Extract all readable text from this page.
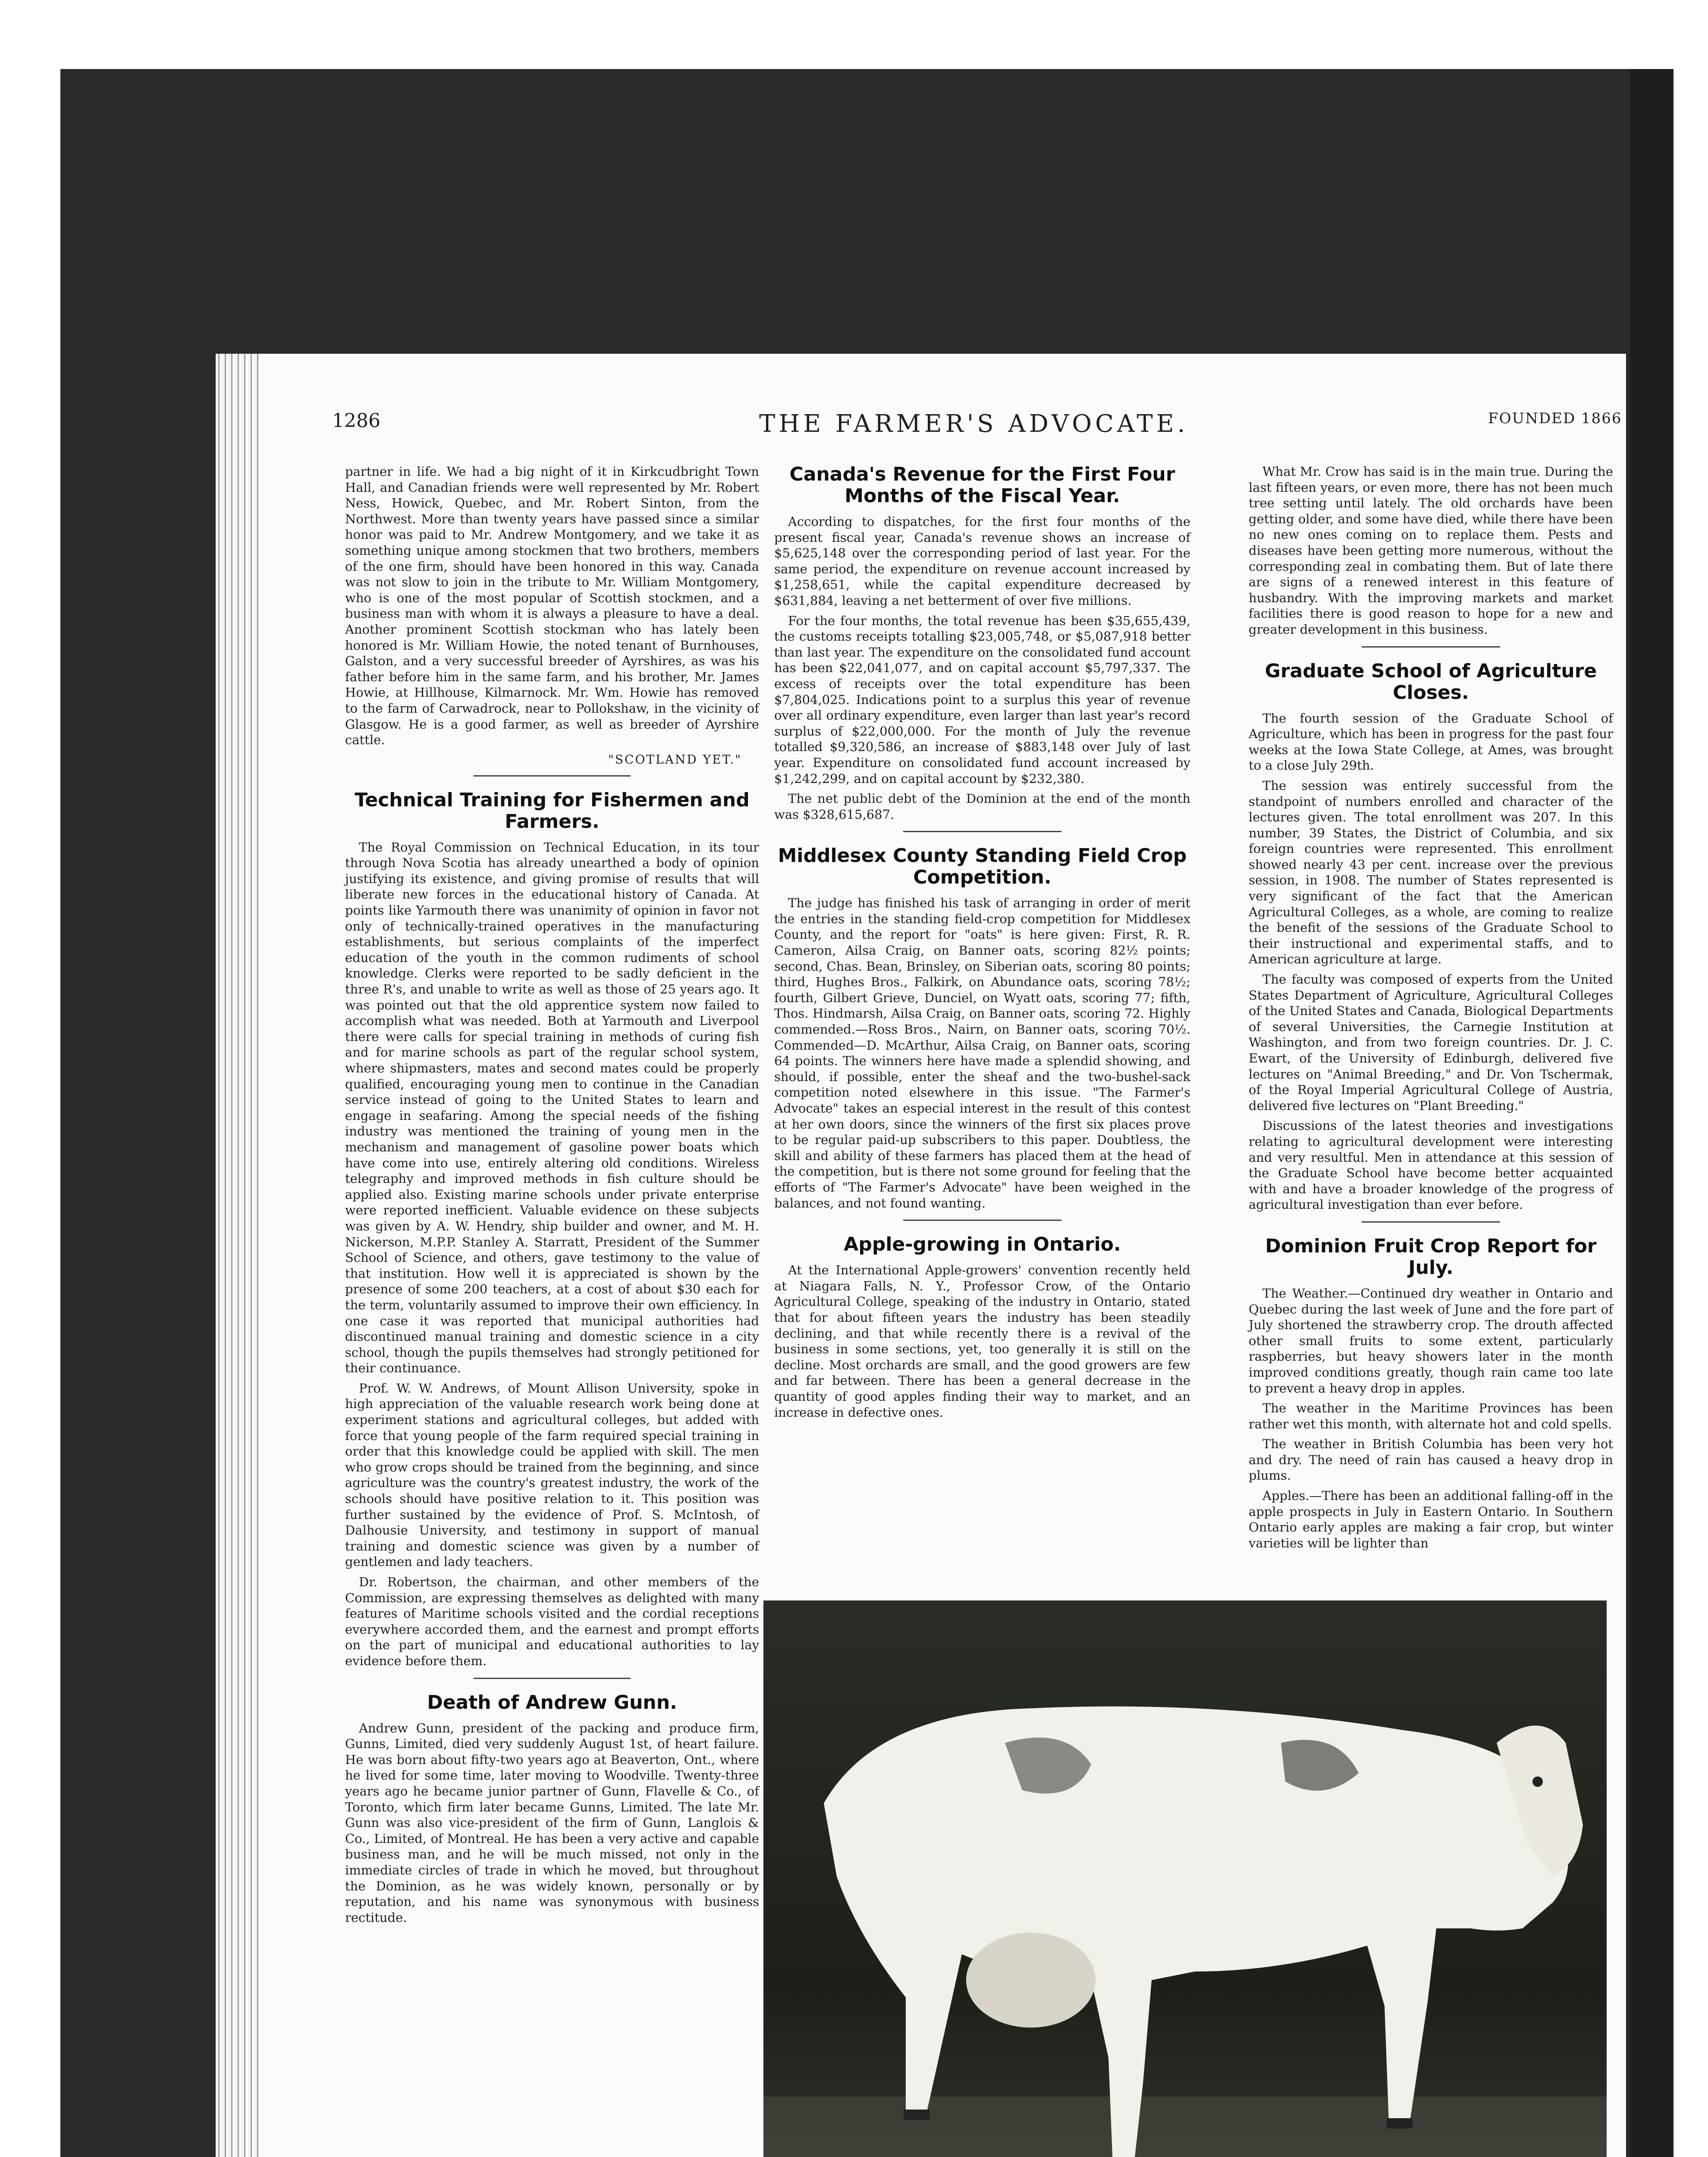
1286	THE FARMER'S ADVOCATE.	FOUNDED 1866

partner in life. We had a big night of it in Kirkcudbright Town Hall, and Canadian friends were well represented by Mr. Robert Ness, Howick, Quebec, and Mr. Robert Sinton, from the Northwest. More than twenty years have passed since a similar honor was paid to Mr. Andrew Montgomery, and we take it as something unique among stockmen that two brothers, members of the one firm, should have been honored in this way. Canada was not slow to join in the tribute to Mr. William Montgomery, who is one of the most popular of Scottish stockmen, and a business man with whom it is always a pleasure to have a deal. Another prominent Scottish stockman who has lately been honored is Mr. William Howie, the noted tenant of Burnhouses, Galston, and a very successful breeder of Ayrshires, as was his father before him in the same farm, and his brother, Mr. James Howie, at Hillhouse, Kilmarnock. Mr. Wm. Howie has removed to the farm of Carwadrock, near to Pollokshaw, in the vicinity of Glasgow. He is a good farmer, as well as breeder of Ayrshire cattle.

"SCOTLAND YET."
Technical Training for Fishermen and Farmers.

The Royal Commission on Technical Education, in its tour through Nova Scotia has already unearthed a body of opinion justifying its existence, and giving promise of results that will liberate new forces in the educational history of Canada. At points like Yarmouth there was unanimity of opinion in favor not only of technically-trained operatives in the manufacturing establishments, but serious complaints of the imperfect education of the youth in the common rudiments of school knowledge. Clerks were reported to be sadly deficient in the three R's, and unable to write as well as those of 25 years ago. It was pointed out that the old apprentice system now failed to accomplish what was needed. Both at Yarmouth and Liverpool there were calls for special training in methods of curing fish and for marine schools as part of the regular school system, where shipmasters, mates and second mates could be properly qualified, encouraging young men to continue in the Canadian service instead of going to the United States to learn and engage in seafaring. Among the special needs of the fishing industry was mentioned the training of young men in the mechanism and management of gasoline power boats which have come into use, entirely altering old conditions. Wireless telegraphy and improved methods in fish culture should be applied also. Existing marine schools under private enterprise were reported inefficient. Valuable evidence on these subjects was given by A. W. Hendry, ship builder and owner, and M. H. Nickerson, M.P.P. Stanley A. Starratt, President of the Summer School of Science, and others, gave testimony to the value of that institution. How well it is appreciated is shown by the presence of some 200 teachers, at a cost of about $30 each for the term, voluntarily assumed to improve their own efficiency. In one case it was reported that municipal authorities had discontinued manual training and domestic science in a city school, though the pupils themselves had strongly petitioned for their continuance.

Prof. W. W. Andrews, of Mount Allison University, spoke in high appreciation of the valuable research work being done at experiment stations and agricultural colleges, but added with force that young people of the farm required special training in order that this knowledge could be applied with skill. The men who grow crops should be trained from the beginning, and since agriculture was the country's greatest industry, the work of the schools should have positive relation to it. This position was further sustained by the evidence of Prof. S. McIntosh, of Dalhousie University, and testimony in support of manual training and domestic science was given by a number of gentlemen and lady teachers.

Dr. Robertson, the chairman, and other members of the Commission, are expressing themselves as delighted with many features of Maritime schools visited and the cordial receptions everywhere accorded them, and the earnest and prompt efforts on the part of municipal and educational authorities to lay evidence before them.

Death of Andrew Gunn.

Andrew Gunn, president of the packing and produce firm, Gunns, Limited, died very suddenly August 1st, of heart failure. He was born about fifty-two years ago at Beaverton, Ont., where he lived for some time, later moving to Woodville. Twenty-three years ago he became junior partner of Gunn, Flavelle & Co., of Toronto, which firm later became Gunns, Limited. The late Mr. Gunn was also vice-president of the firm of Gunn, Langlois & Co., Limited, of Montreal. He has been a very active and capable business man, and he will be much missed, not only in the immediate circles of trade in which he moved, but throughout the Dominion, as he was widely known, personally or by reputation, and his name was synonymous with business rectitude.

Canada's Revenue for the First Four Months of the Fiscal Year.

According to dispatches, for the first four months of the present fiscal year, Canada's revenue shows an increase of $5,625,148 over the corresponding period of last year. For the same period, the expenditure on revenue account increased by $1,258,651, while the capital expenditure decreased by $631,884, leaving a net betterment of over five millions.

For the four months, the total revenue has been $35,655,439, the customs receipts totalling $23,005,748, or $5,087,918 better than last year. The expenditure on the consolidated fund account has been $22,041,077, and on capital account $5,797,337. The excess of receipts over the total expenditure has been $7,804,025. Indications point to a surplus this year of revenue over all ordinary expenditure, even larger than last year's record surplus of $22,000,000. For the month of July the revenue totalled $9,320,586, an increase of $883,148 over July of last year. Expenditure on consolidated fund account increased by $1,242,299, and on capital account by $232,380.

The net public debt of the Dominion at the end of the month was $328,615,687.

Middlesex County Standing Field Crop Competition.

The judge has finished his task of arranging in order of merit the entries in the standing field-crop competition for Middlesex County, and the report for "oats" is here given: First, R. R. Cameron, Ailsa Craig, on Banner oats, scoring 82½ points; second, Chas. Bean, Brinsley, on Siberian oats, scoring 80 points; third, Hughes Bros., Falkirk, on Abundance oats, scoring 78½; fourth, Gilbert Grieve, Dunciel, on Wyatt oats, scoring 77; fifth, Thos. Hindmarsh, Ailsa Craig, on Banner oats, scoring 72. Highly commended.—Ross Bros., Nairn, on Banner oats, scoring 70½. Commended—D. McArthur, Ailsa Craig, on Banner oats, scoring 64 points. The winners here have made a splendid showing, and should, if possible, enter the sheaf and the two-bushel-sack competition noted elsewhere in this issue. "The Farmer's Advocate" takes an especial interest in the result of this contest at her own doors, since the winners of the first six places prove to be regular paid-up subscribers to this paper. Doubtless, the skill and ability of these farmers has placed them at the head of the competition, but is there not some ground for feeling that the efforts of "The Farmer's Advocate" have been weighed in the balances, and not found wanting.

Apple-growing in Ontario.

At the International Apple-growers' convention recently held at Niagara Falls, N. Y., Professor Crow, of the Ontario Agricultural College, speaking of the industry in Ontario, stated that for about fifteen years the industry has been steadily declining, and that while recently there is a revival of the business in some sections, yet, too generally it is still on the decline. Most orchards are small, and the good growers are few and far between. There has been a general decrease in the quantity of good apples finding their way to market, and an increase in defective ones.

What Mr. Crow has said is in the main true. During the last fifteen years, or even more, there has not been much tree setting until lately. The old orchards have been getting older, and some have died, while there have been no new ones coming on to replace them. Pests and diseases have been getting more numerous, without the corresponding zeal in combating them. But of late there are signs of a renewed interest in this feature of husbandry. With the improving markets and market facilities there is good reason to hope for a new and greater development in this business.

Graduate School of Agriculture Closes.

The fourth session of the Graduate School of Agriculture, which has been in progress for the past four weeks at the Iowa State College, at Ames, was brought to a close July 29th.

The session was entirely successful from the standpoint of numbers enrolled and character of the lectures given. The total enrollment was 207. In this number, 39 States, the District of Columbia, and six foreign countries were represented. This enrollment showed nearly 43 per cent. increase over the previous session, in 1908. The number of States represented is very significant of the fact that the American Agricultural Colleges, as a whole, are coming to realize the benefit of the sessions of the Graduate School to their instructional and experimental staffs, and to American agriculture at large.

The faculty was composed of experts from the United States Department of Agriculture, Agricultural Colleges of the United States and Canada, Biological Departments of several Universities, the Carnegie Institution at Washington, and from two foreign countries. Dr. J. C. Ewart, of the University of Edinburgh, delivered five lectures on "Animal Breeding," and Dr. Von Tschermak, of the Royal Imperial Agricultural College of Austria, delivered five lectures on "Plant Breeding."

Discussions of the latest theories and investigations relating to agricultural development were interesting and very resultful. Men in attendance at this session of the Graduate School have become better acquainted with and have a broader knowledge of the progress of agricultural investigation than ever before.

Dominion Fruit Crop Report for July.

The Weather.—Continued dry weather in Ontario and Quebec during the last week of June and the fore part of July shortened the strawberry crop. The drouth affected other small fruits to some extent, particularly raspberries, but heavy showers later in the month improved conditions greatly, though rain came too late to prevent a heavy drop in apples.

The weather in the Maritime Provinces has been rather wet this month, with alternate hot and cold spells.

The weather in British Columbia has been very hot and dry. The need of rain has caused a heavy drop in plums.

Apples.—There has been an additional falling-off in the apple prospects in July in Eastern Ontario. In Southern Ontario early apples are making a fair crop, but winter varieties will be lighter than
